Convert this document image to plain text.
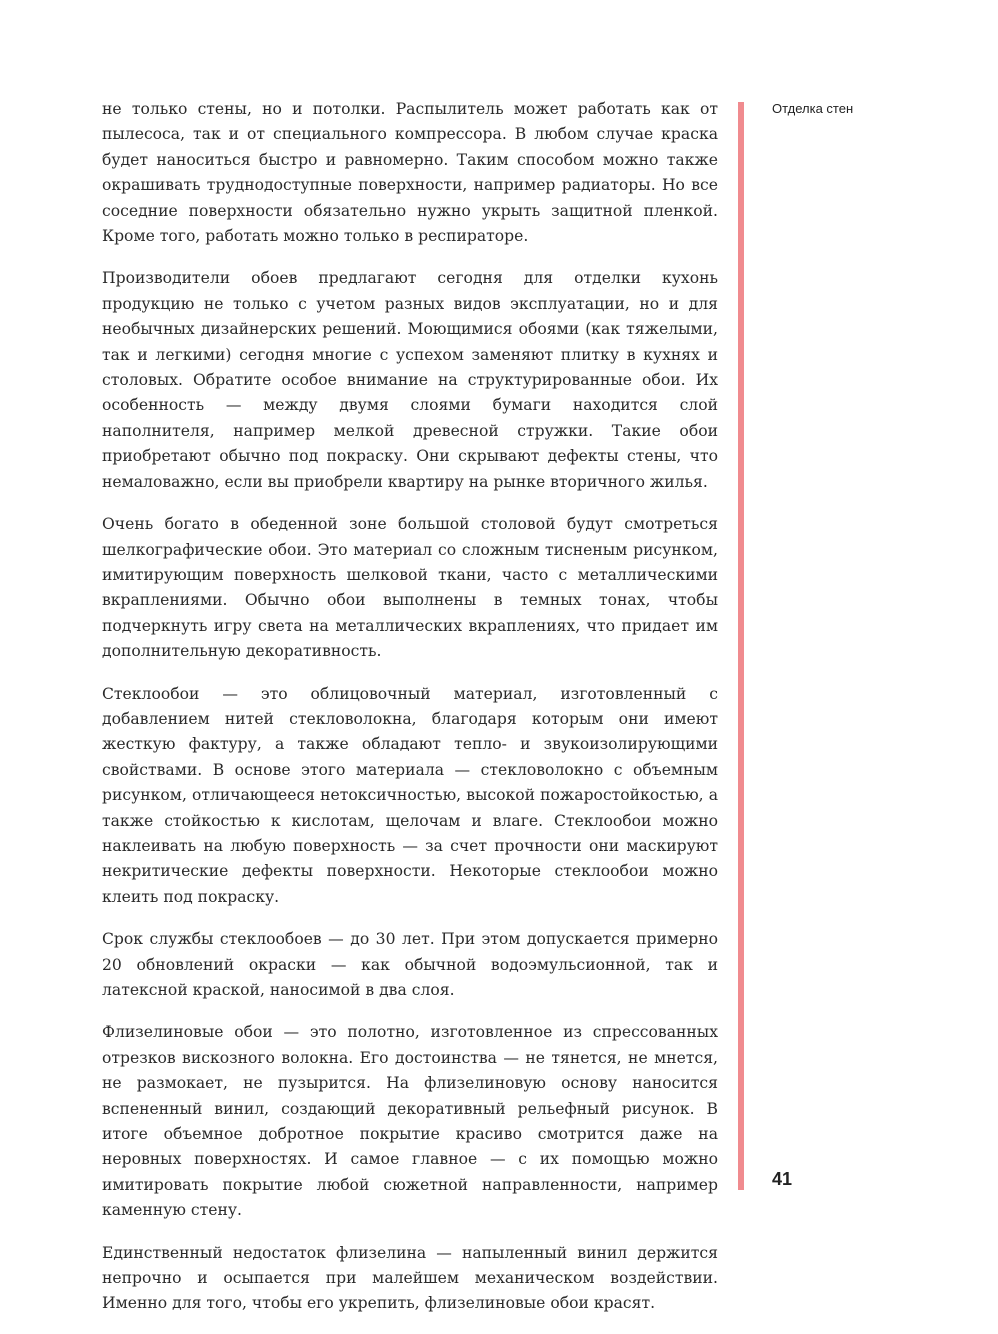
не только стены, но и потолки. Распылитель может работать как от пылесоса, так и от специального компрессора. В любом случае краска будет наноситься быстро и равномерно. Таким способом можно также окрашивать труднодоступные поверхности, например радиаторы. Но все соседние поверхности обязательно нужно укрыть защитной пленкой. Кроме того, работать можно только в респираторе.

Производители обоев предлагают сегодня для отделки кухонь продукцию не только с учетом разных видов эксплуатации, но и для необычных дизайнерских решений. Моющимися обоями (как тяжелыми, так и легкими) сегодня многие с успехом заменяют плитку в кухнях и столовых. Обратите особое внимание на структурированные обои. Их особенность — между двумя слоями бумаги находится слой наполнителя, например мелкой древесной стружки. Такие обои приобретают обычно под покраску. Они скрывают дефекты стены, что немаловажно, если вы приобрели квартиру на рынке вторичного жилья.

Очень богато в обеденной зоне большой столовой будут смотреться шелкографические обои. Это материал со сложным тисненым рисунком, имитирующим поверхность шелковой ткани, часто с металлическими вкраплениями. Обычно обои выполнены в темных тонах, чтобы подчеркнуть игру света на металлических вкраплениях, что придает им дополнительную декоративность.

Стеклообои — это облицовочный материал, изготовленный с добавлением нитей стекловолокна, благодаря которым они имеют жесткую фактуру, а также обладают тепло- и звукоизолирующими свойствами. В основе этого материала — стекловолокно с объемным рисунком, отличающееся нетоксичностью, высокой пожаростойкостью, а также стойкостью к кислотам, щелочам и влаге. Стеклообои можно наклеивать на любую поверхность — за счет прочности они маскируют некритические дефекты поверхности. Некоторые стеклообои можно клеить под покраску.

Срок службы стеклообоев — до 30 лет. При этом допускается примерно 20 обновлений окраски — как обычной водоэмульсионной, так и латексной краской, наносимой в два слоя.

Флизелиновые обои — это полотно, изготовленное из спрессованных отрезков вискозного волокна. Его достоинства — не тянется, не мнется, не размокает, не пузырится. На флизелиновую основу наносится вспененный винил, создающий декоративный рельефный рисунок. В итоге объемное добротное покрытие красиво смотрится даже на неровных поверхностях. И самое главное — с их помощью можно имитировать покрытие любой сюжетной направленности, например каменную стену.

Единственный недостаток флизелина — напыленный винил держится непрочно и осыпается при малейшем механическом воздействии. Именно для того, чтобы его укрепить, флизелиновые обои красят.

Отделка стен
41
